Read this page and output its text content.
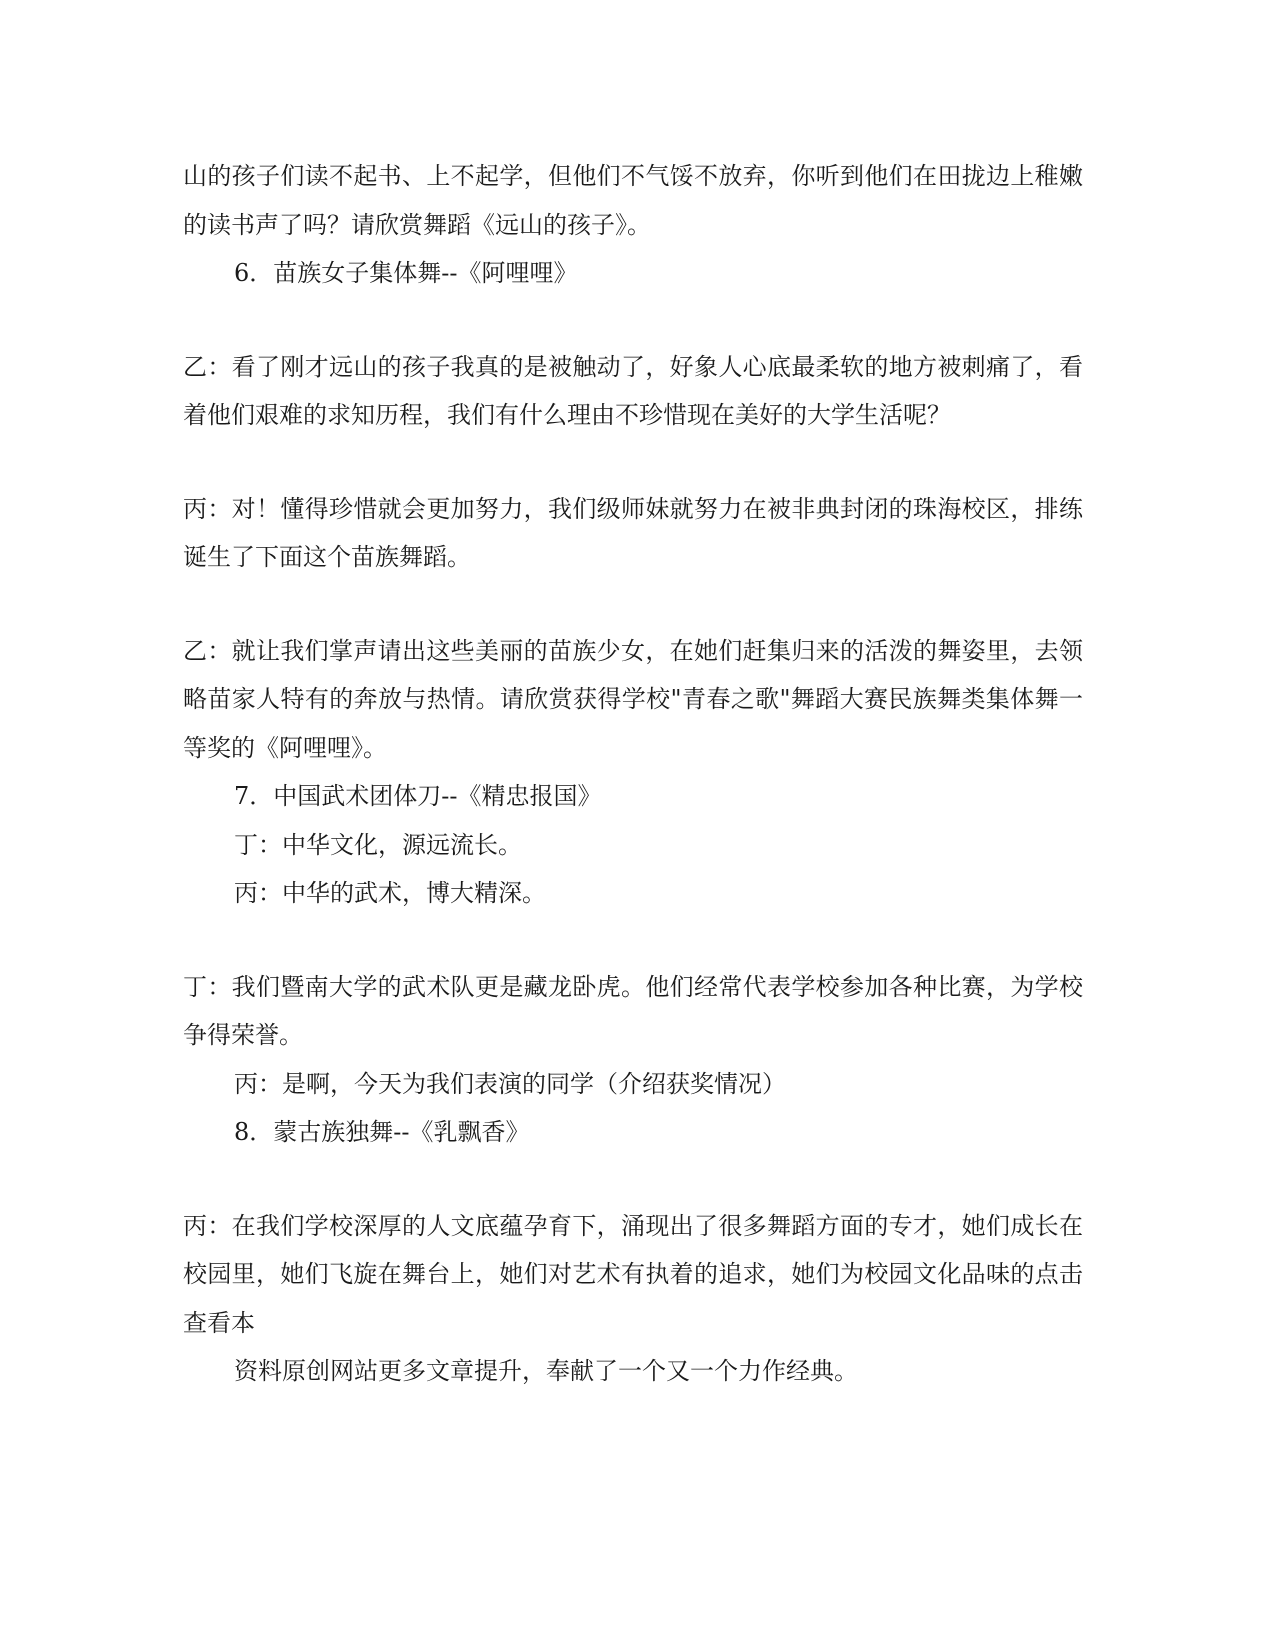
山的孩子们读不起书、上不起学，但他们不气馁不放弃，你听到他们在田拢边上稚嫩的读书声了吗？请欣赏舞蹈《远山的孩子》。

6．苗族女子集体舞--《阿哩哩》

乙：看了刚才远山的孩子我真的是被触动了，好象人心底最柔软的地方被刺痛了，看着他们艰难的求知历程，我们有什么理由不珍惜现在美好的大学生活呢？

丙：对！懂得珍惜就会更加努力，我们级师妹就努力在被非典封闭的珠海校区，排练诞生了下面这个苗族舞蹈。

乙：就让我们掌声请出这些美丽的苗族少女，在她们赶集归来的活泼的舞姿里，去领略苗家人特有的奔放与热情。请欣赏获得学校"青春之歌"舞蹈大赛民族舞类集体舞一等奖的《阿哩哩》。

7．中国武术团体刀--《精忠报国》

丁：中华文化，源远流长。

丙：中华的武术，博大精深。

丁：我们暨南大学的武术队更是藏龙卧虎。他们经常代表学校参加各种比赛，为学校争得荣誉。

丙：是啊，今天为我们表演的同学（介绍获奖情况）

8．蒙古族独舞--《乳飘香》

丙：在我们学校深厚的人文底蕴孕育下，涌现出了很多舞蹈方面的专才，她们成长在校园里，她们飞旋在舞台上，她们对艺术有执着的追求，她们为校园文化品味的点击查看本

资料原创网站更多文章提升，奉献了一个又一个力作经典。
